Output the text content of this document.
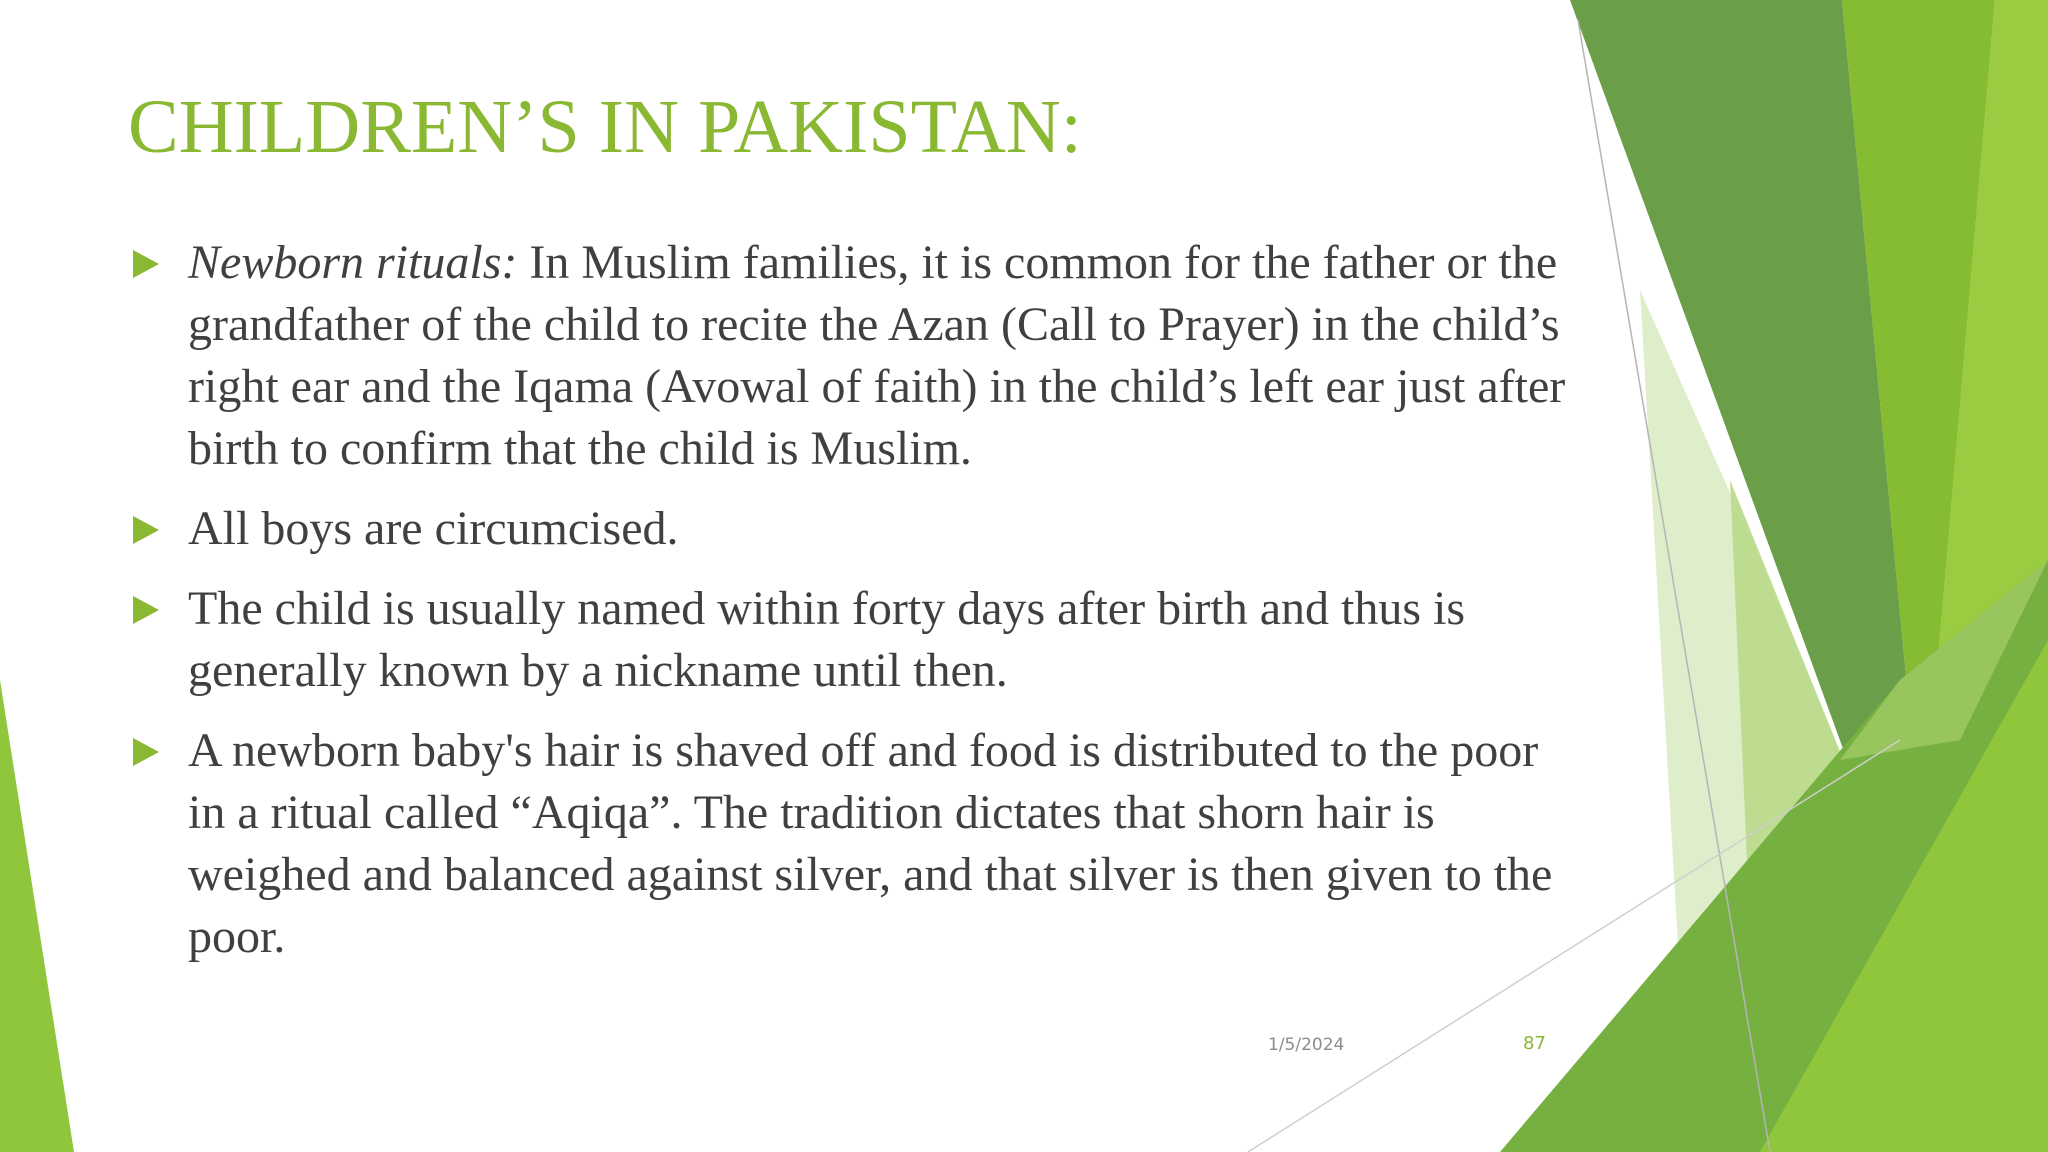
CHILDREN’S IN PAKISTAN:
Newborn rituals: In Muslim families, it is common for the father or the grandfather of the child to recite the Azan (Call to Prayer) in the child’s right ear and the Iqama (Avowal of faith) in the child’s left ear just after birth to confirm that the child is Muslim.
All boys are circumcised.
The child is usually named within forty days after birth and thus is generally known by a nickname until then.
A newborn baby's hair is shaved off and food is distributed to the poor in a ritual called “Aqiqa”. The tradition dictates that shorn hair is weighed and balanced against silver, and that silver is then given to the poor.
1/5/2024	87
